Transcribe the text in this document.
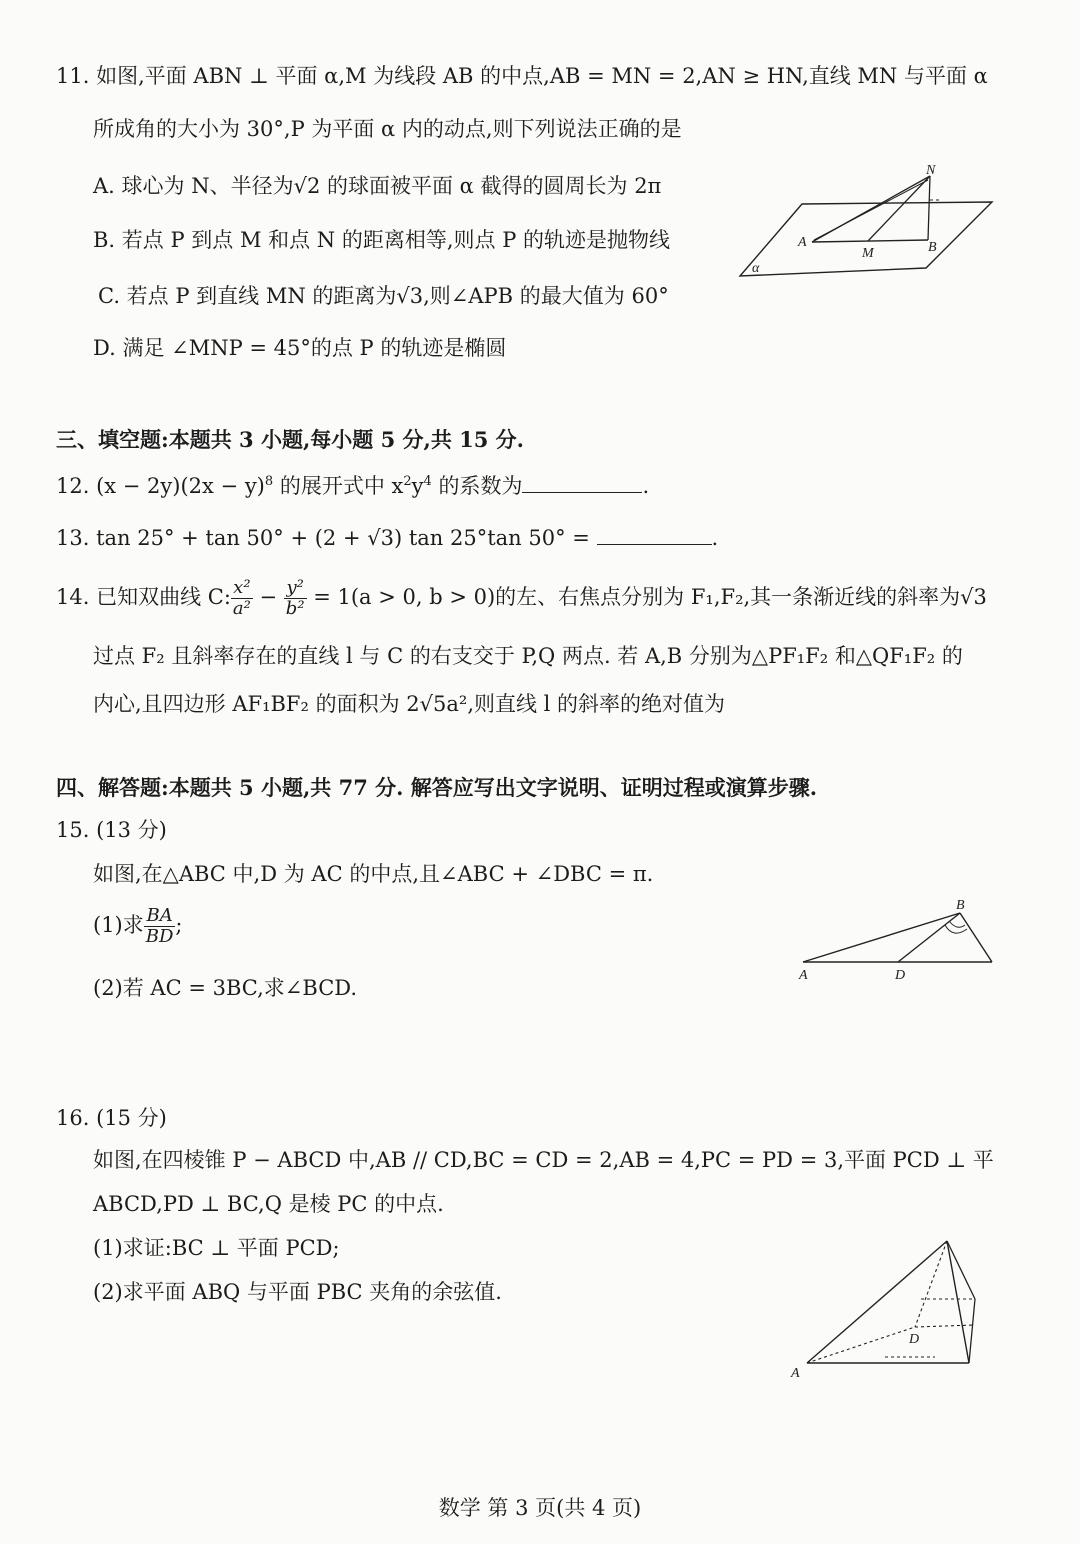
11. 如图,平面 ABN ⊥ 平面 α,M 为线段 AB 的中点,AB = MN = 2,AN ≥ HN,直线 MN 与平面 α
所成角的大小为 30°,P 为平面 α 内的动点,则下列说法正确的是
A. 球心为 N、半径为√2 的球面被平面 α 截得的圆周长为 2π
B. 若点 P 到点 M 和点 N 的距离相等,则点 P 的轨迹是抛物线
C. 若点 P 到直线 MN 的距离为√3,则∠APB 的最大值为 60°
D. 满足 ∠MNP = 45°的点 P 的轨迹是椭圆
N
A
M	B
α
三、填空题:本题共 3 小题,每小题 5 分,共 15 分.
12. $(x - 2y)(2x - y)^8$ 的展开式中 $x^2y^4$ 的系数为	.
13. tan 25° + tan 50° + (2 + √3) tan 25°tan 50° =	.
14. 已知双曲线 C: $\frac{\text{x²}}{\text{a²}} - \frac{\text{y²}}{\text{b²}} = 1(a > 0$, b > 0)的左、右焦点分别为 F₁,F₂,其一条渐近线的斜率为√3
过点 F₂ 且斜率存在的直线 l 与 C 的右支交于 P,Q 两点. 若 A,B 分别为△PF₁F₂ 和△QF₁F₂ 的
内心,且四边形 AF₁BF₂ 的面积为 2√5a²,则直线 l 的斜率的绝对值为
四、解答题:本题共 5 小题,共 77 分. 解答应写出文字说明、证明过程或演算步骤.
15. (13 分)
如图,在△ABC 中,D 为 AC 的中点,且∠ABC + ∠DBC = π.
(1)求 $\frac{BA}{BD}$ ;
(2)若 AC = 3BC,求∠BCD.
B
A	D
16. (15 分)
如图,在四棱锥 P − ABCD 中,AB // CD,BC = CD = 2,AB = 4,PC = PD = 3,平面 PCD ⊥ 平
ABCD,PD ⊥ BC,Q 是棱 PC 的中点.
(1)求证:BC ⊥ 平面 PCD;
(2)求平面 ABQ 与平面 PBC 夹角的余弦值.
A
D
数学 第 3 页(共 4 页)
